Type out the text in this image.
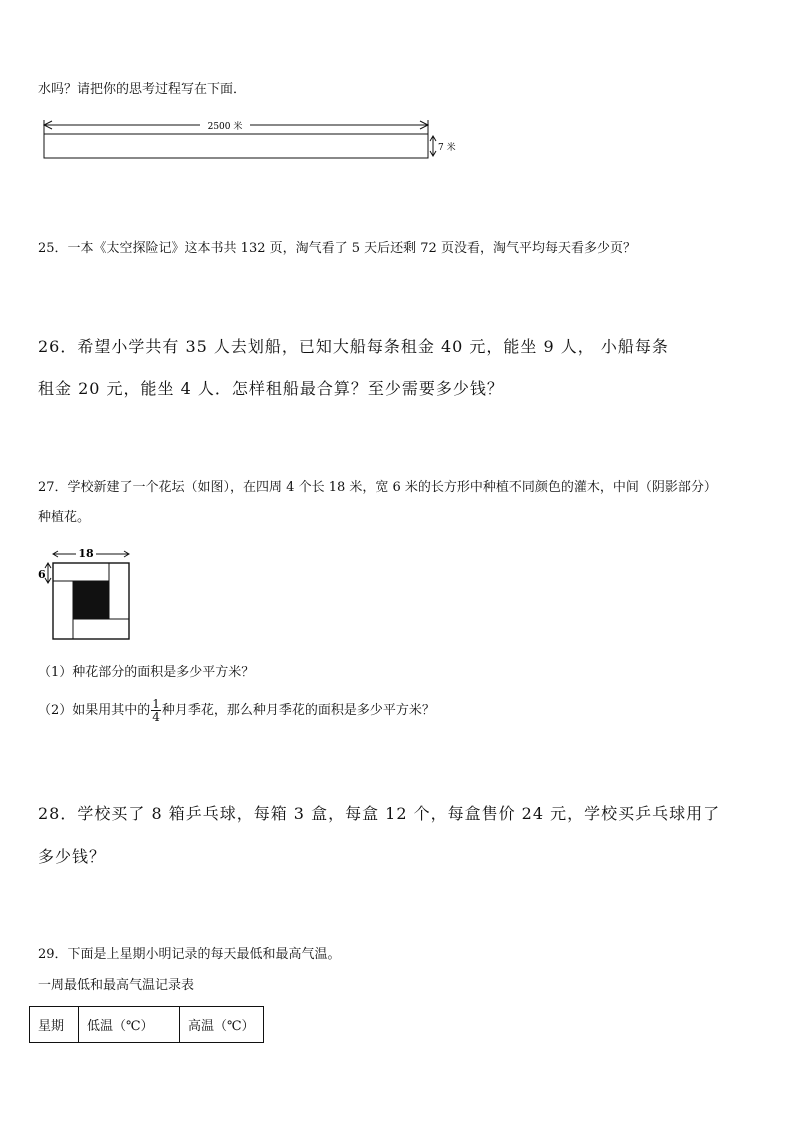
水吗？请把你的思考过程写在下面．
2500 米
7 米
25．一本《太空探险记》这本书共 132 页，淘气看了 5 天后还剩 72 页没看，淘气平均每天看多少页？
26．希望小学共有 35 人去划船，已知大船每条租金 40 元，能坐 9 人， 小船每条
租金 20 元，能坐 4 人．怎样租船最合算？至少需要多少钱？
27．学校新建了一个花坛（如图），在四周 4 个长 18 米，宽 6 米的长方形中种植不同颜色的灌木，中间（阴影部分）
种植花。
18
6
（1）种花部分的面积是多少平方米？
（2）如果用其中的 $\frac{1}{4}$ 种月季花，那么种月季花的面积是多少平方米？
28．学校买了 8 箱乒乓球，每箱 3 盒，每盒 12 个，每盒售价 24 元，学校买乒乓球用了
多少钱？
29．下面是上星期小明记录的每天最低和最高气温。
一周最低和最高气温记录表
星期	低温（℃）	高温（℃）
